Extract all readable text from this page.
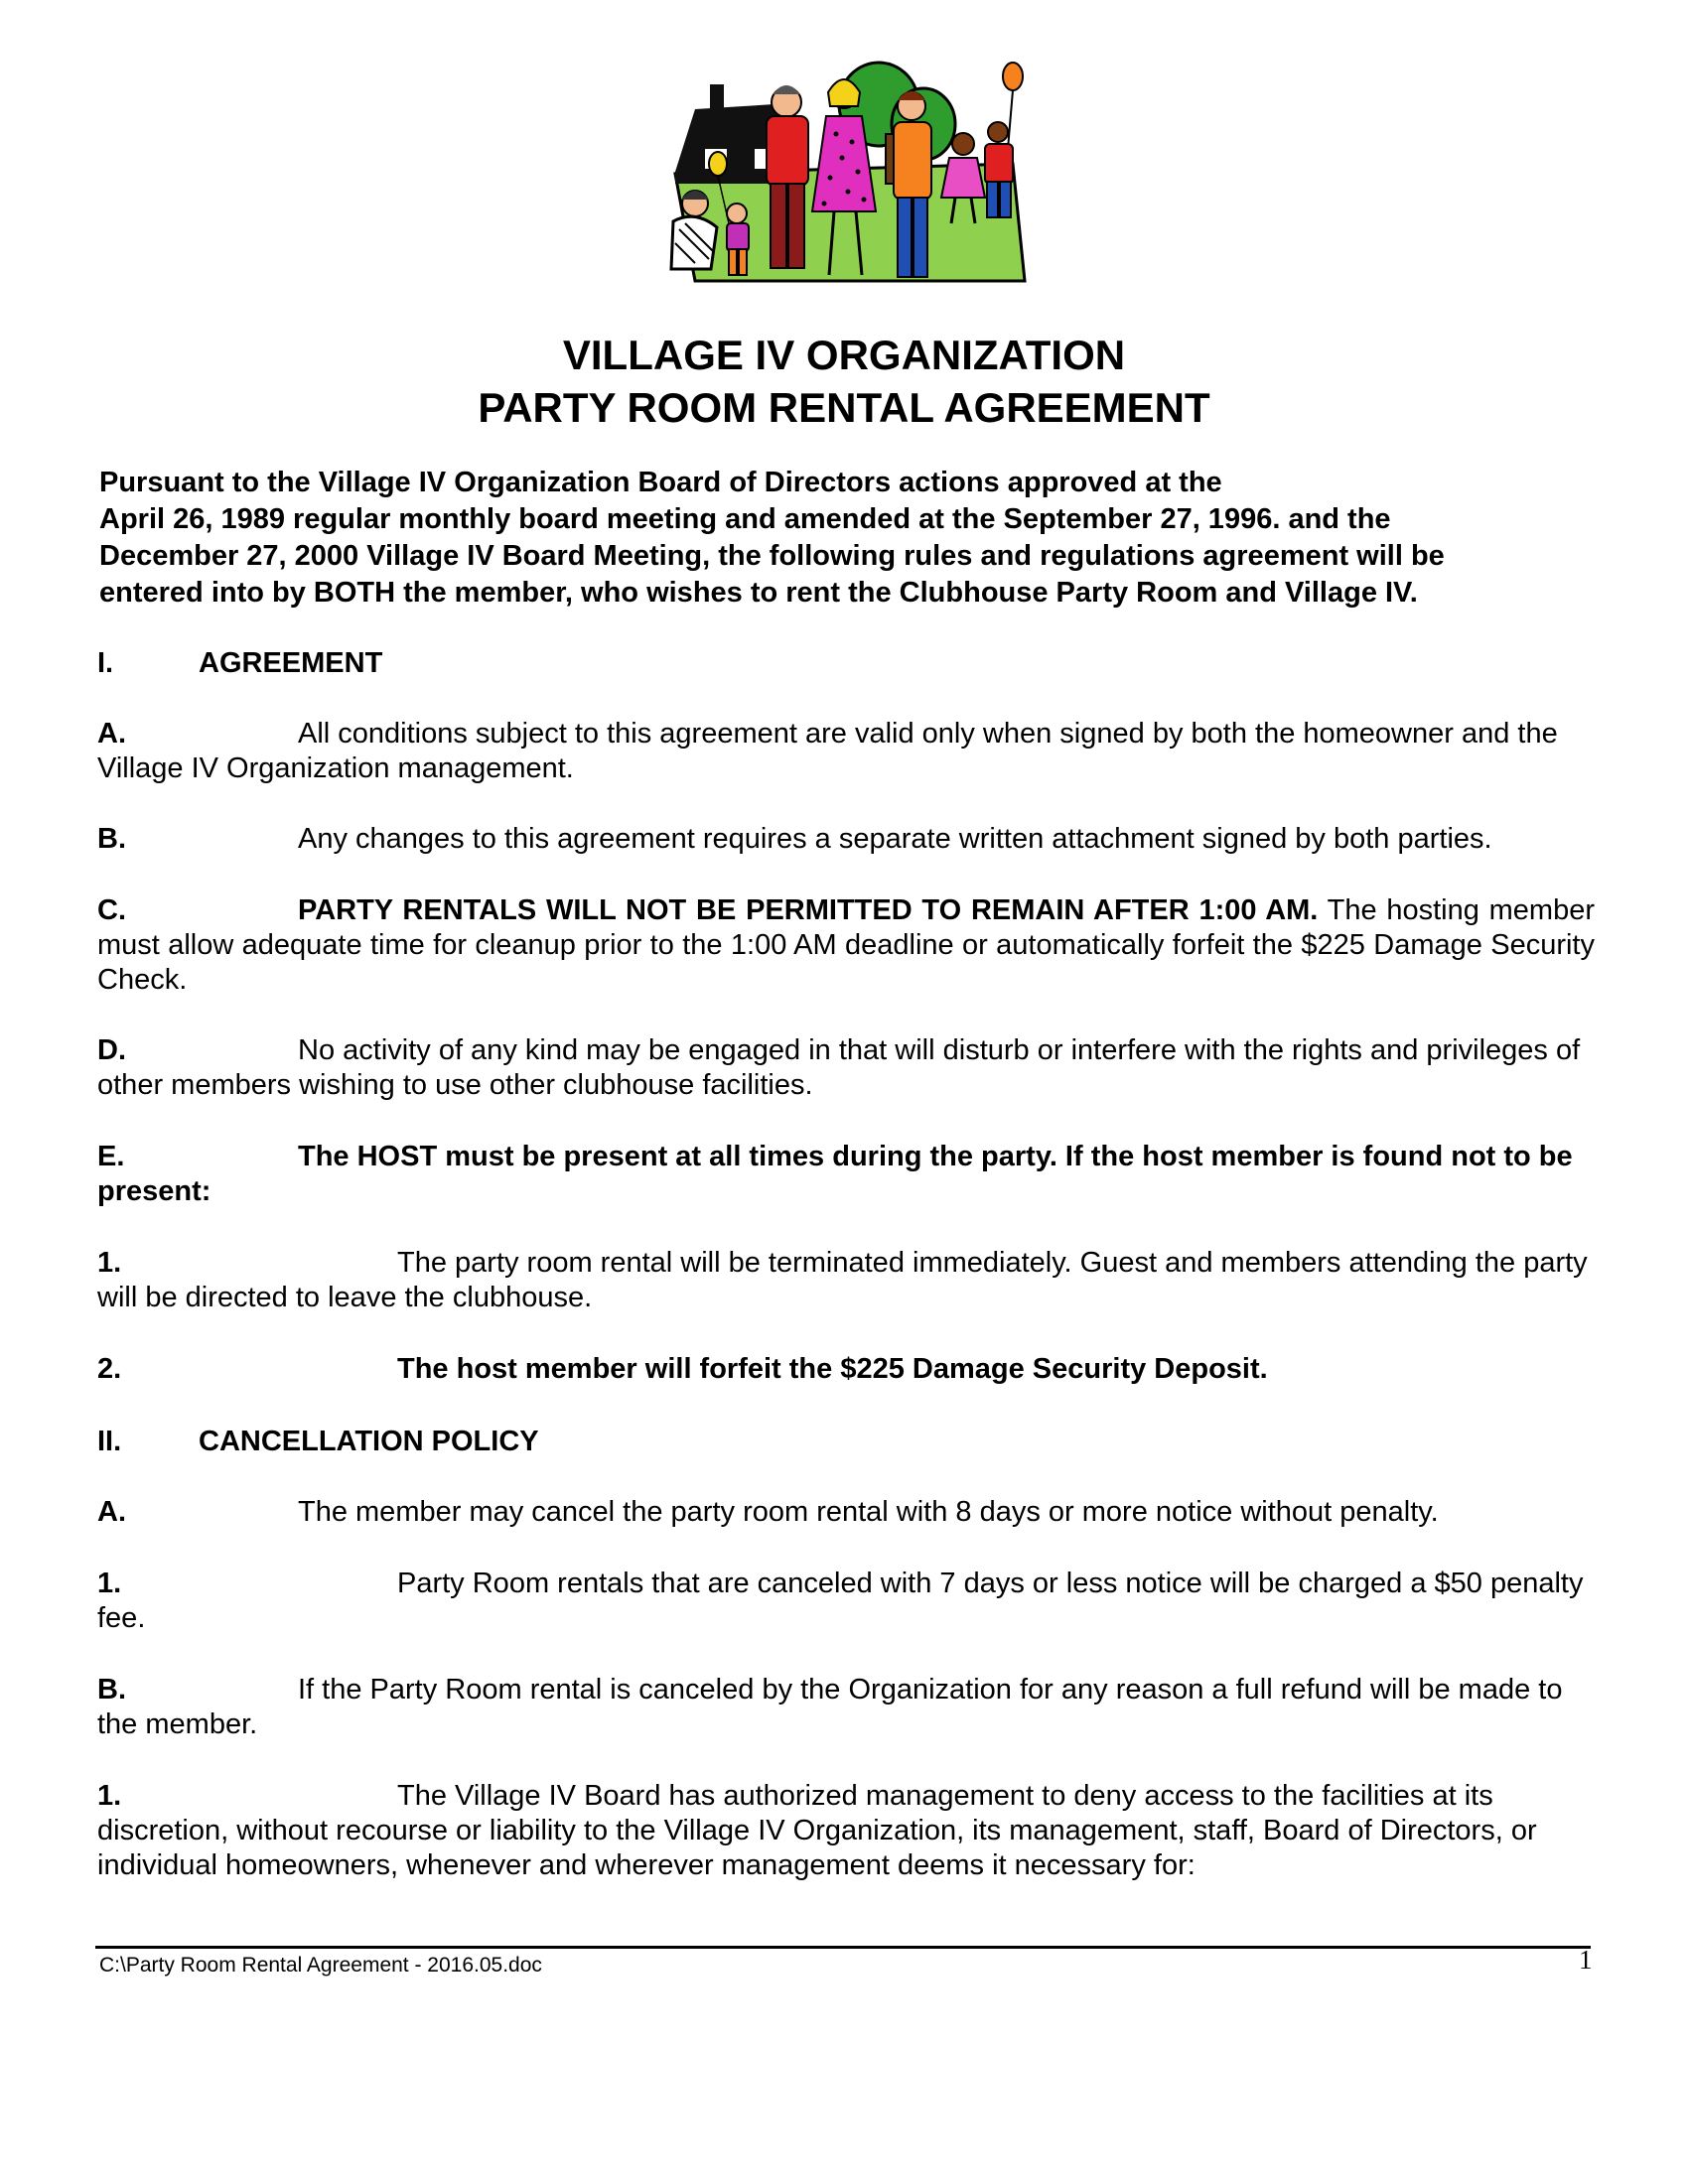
VILLAGE IV ORGANIZATION
PARTY ROOM RENTAL AGREEMENT
Pursuant to the Village IV Organization Board of Directors actions approved at the
April 26, 1989 regular monthly board meeting and amended at the September 27, 1996. and the
December 27, 2000 Village IV Board Meeting, the following rules and regulations agreement will be
entered into by BOTH the member, who wishes to rent the Clubhouse Party Room and Village IV.
I.	AGREEMENT
A.	All conditions subject to this agreement are valid only when signed by both the homeowner and the Village IV Organization management.
B.	Any changes to this agreement requires a separate written attachment signed by both parties.
C.	PARTY RENTALS WILL NOT BE PERMITTED TO REMAIN AFTER 1:00 AM. The hosting member must allow adequate time for cleanup prior to the 1:00 AM deadline or automatically forfeit the $225 Damage Security Check.
D.	No activity of any kind may be engaged in that will disturb or interfere with the rights and privileges of other members wishing to use other clubhouse facilities.
E.	The HOST must be present at all times during the party. If the host member is found not to be present:
1.	The party room rental will be terminated immediately. Guest and members attending the party will be directed to leave the clubhouse.
2.	The host member will forfeit the $225 Damage Security Deposit.
II.	CANCELLATION POLICY
A.	The member may cancel the party room rental with 8 days or more notice without penalty.
1.	Party Room rentals that are canceled with 7 days or less notice will be charged a $50 penalty fee.
B.	If the Party Room rental is canceled by the Organization for any reason a full refund will be made to the member.
1.	The Village IV Board has authorized management to deny access to the facilities at its discretion, without recourse or liability to the Village IV Organization, its management, staff, Board of Directors, or individual homeowners, whenever and wherever management deems it necessary for:
C:\Party Room Rental Agreement - 2016.05.doc	1
